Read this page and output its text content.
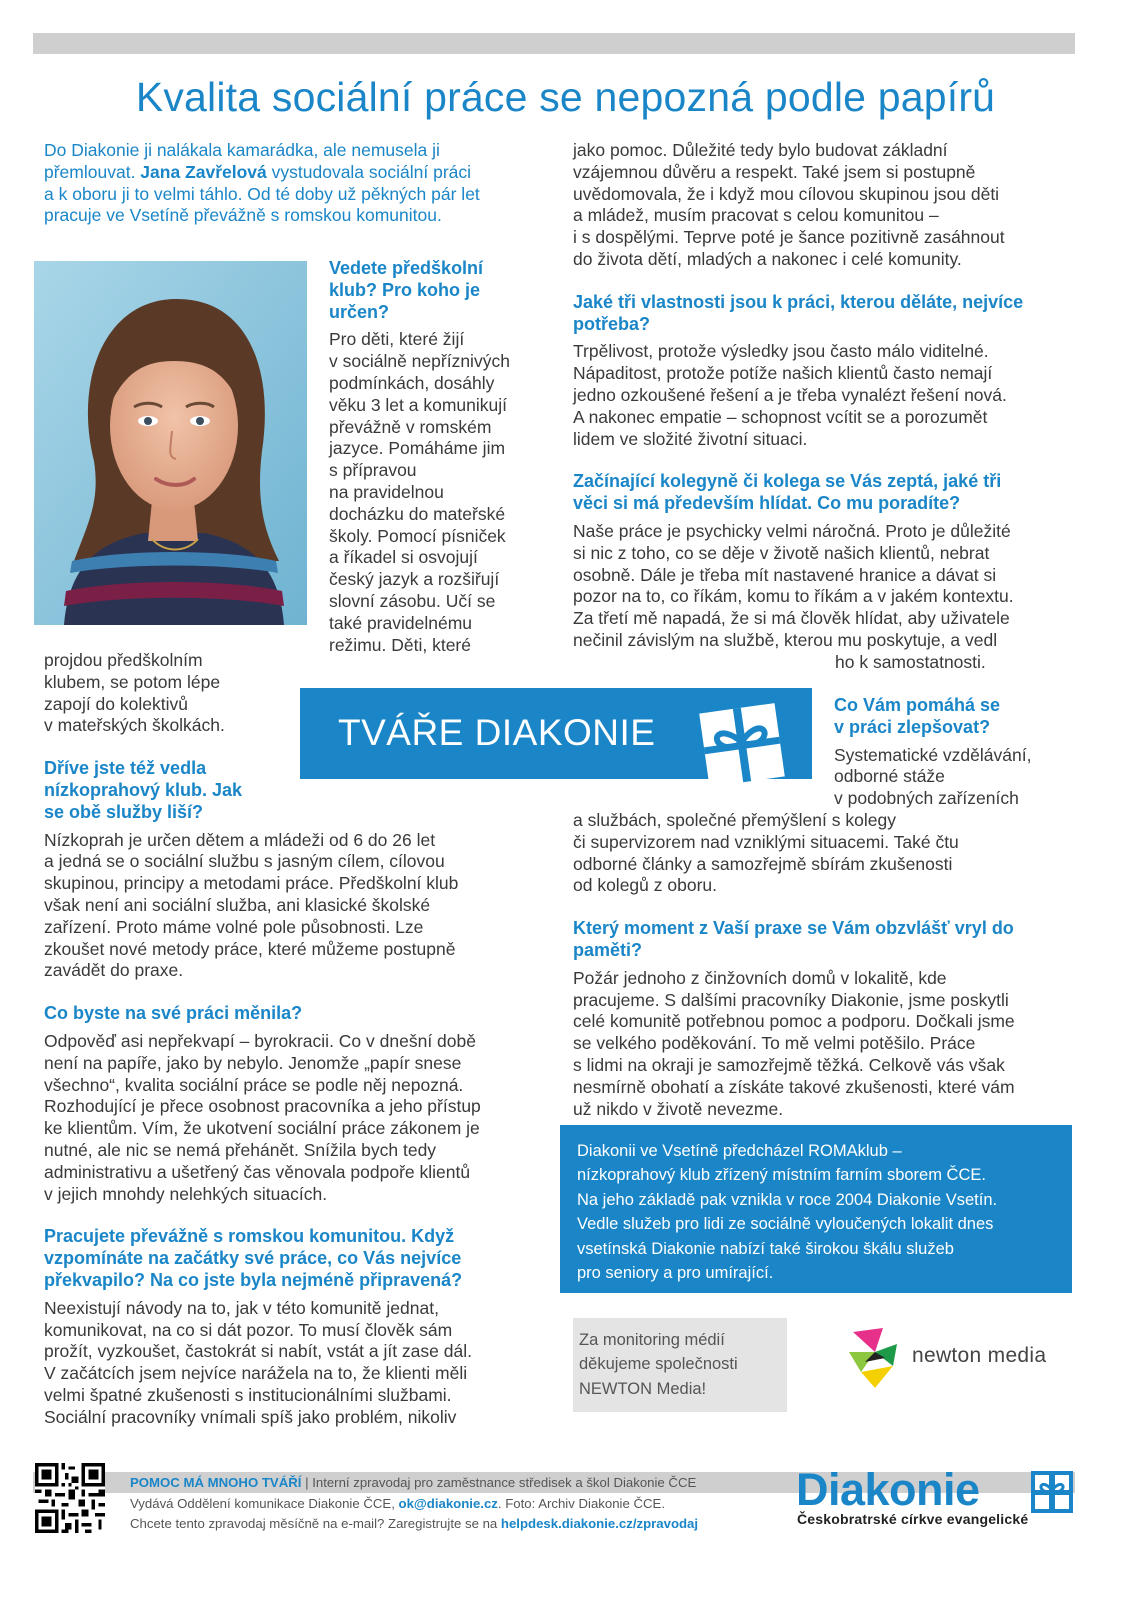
Kvalita sociální práce se nepozná podle papírů
Do Diakonie ji nalákala kamarádka, ale nemusela ji
přemlouvat. Jana Zavřelová vystudovala sociální práci
a k oboru ji to velmi táhlo. Od té doby už pěkných pár let
pracuje ve Vsetíně převážně s romskou komunitou.
Vedete předškolní
klub? Pro koho je
určen?
Pro děti, které žijí
v sociálně nepříznivých
podmínkách, dosáhly
věku 3 let a komunikují
převážně v romském
jazyce. Pomáháme jim
s přípravou
na pravidelnou
docházku do mateřské
školy. Pomocí písniček
a říkadel si osvojují
český jazyk a rozšiřují
slovní zásobu. Učí se
také pravidelnému
režimu. Děti, které
projdou předškolním
klubem, se potom lépe
zapojí do kolektivů
v mateřských školkách.
Dříve jste též vedla
nízkoprahový klub. Jak
se obě služby liší?
Nízkoprah je určen dětem a mládeži od 6 do 26 let
a jedná se o sociální službu s jasným cílem, cílovou
skupinou, principy a metodami práce. Předškolní klub
však není ani sociální služba, ani klasické školské
zařízení. Proto máme volné pole působnosti. Lze
zkoušet nové metody práce, které můžeme postupně
zavádět do praxe.
Co byste na své práci měnila?
Odpověď asi nepřekvapí – byrokracii. Co v dnešní době
není na papíře, jako by nebylo. Jenomže „papír snese
všechno“, kvalita sociální práce se podle něj nepozná.
Rozhodující je přece osobnost pracovníka a jeho přístup
ke klientům. Vím, že ukotvení sociální práce zákonem je
nutné, ale nic se nemá přehánět. Snížila bych tedy
administrativu a ušetřený čas věnovala podpoře klientů
v jejich mnohdy nelehkých situacích.
Pracujete převážně s romskou komunitou. Když
vzpomínáte na začátky své práce, co Vás nejvíce
překvapilo? Na co jste byla nejméně připravená?
Neexistují návody na to, jak v této komunitě jednat,
komunikovat, na co si dát pozor. To musí člověk sám
prožít, vyzkoušet, častokrát si nabít, vstát a jít zase dál.
V začátcích jsem nejvíce narážela na to, že klienti měli
velmi špatné zkušenosti s institucionálními službami.
Sociální pracovníky vnímali spíš jako problém, nikoliv
jako pomoc. Důležité tedy bylo budovat základní
vzájemnou důvěru a respekt. Také jsem si postupně
uvědomovala, že i když mou cílovou skupinou jsou děti
a mládež, musím pracovat s celou komunitou –
i s dospělými. Teprve poté je šance pozitivně zasáhnout
do života dětí, mladých a nakonec i celé komunity.
Jaké tři vlastnosti jsou k práci, kterou děláte, nejvíce
potřeba?
Trpělivost, protože výsledky jsou často málo viditelné.
Nápaditost, protože potíže našich klientů často nemají
jedno ozkoušené řešení a je třeba vynalézt řešení nová.
A nakonec empatie – schopnost vcítit se a porozumět
lidem ve složité životní situaci.
Začínající kolegyně či kolega se Vás zeptá, jaké tři
věci si má především hlídat. Co mu poradíte?
Naše práce je psychicky velmi náročná. Proto je důležité
si nic z toho, co se děje v životě našich klientů, nebrat
osobně. Dále je třeba mít nastavené hranice a dávat si
pozor na to, co říkám, komu to říkám a v jakém kontextu.
Za třetí mě napadá, že si má člověk hlídat, aby uživatele
nečinil závislým na službě, kterou mu poskytuje, a vedl
ho k samostatnosti.
TVÁŘE DIAKONIE
Co Vám pomáhá se
v práci zlepšovat?
Systematické vzdělávání,
odborné stáže
v podobných zařízeních
a službách, společné přemýšlení s kolegy
či supervizorem nad vzniklými situacemi. Také čtu
odborné články a samozřejmě sbírám zkušenosti
od kolegů z oboru.
Který moment z Vaší praxe se Vám obzvlášť vryl do
paměti?
Požár jednoho z činžovních domů v lokalitě, kde
pracujeme. S dalšími pracovníky Diakonie, jsme poskytli
celé komunitě potřebnou pomoc a podporu. Dočkali jsme
se velkého poděkování. To mě velmi potěšilo. Práce
s lidmi na okraji je samozřejmě těžká. Celkově vás však
nesmírně obohatí a získáte takové zkušenosti, které vám
už nikdo v životě nevezme.
Diakonii ve Vsetíně předcházel ROMAklub –
nízkoprahový klub zřízený místním farním sborem ČCE.
Na jeho základě pak vznikla v roce 2004 Diakonie Vsetín.
Vedle služeb pro lidi ze sociálně vyloučených lokalit dnes
vsetínská Diakonie nabízí také širokou škálu služeb
pro seniory a pro umírající.
Za monitoring médií
děkujeme společnosti
NEWTON Media!
newton media
POMOC MÁ MNOHO TVÁŘÍ | Interní zpravodaj pro zaměstnance středisek a škol Diakonie ČCE
Vydává Oddělení komunikace Diakonie ČCE, ok@diakonie.cz. Foto: Archiv Diakonie ČCE.
Chcete tento zpravodaj měsíčně na e-mail? Zaregistrujte se na helpdesk.diakonie.cz/zpravodaj
Diakonie
Českobratrské církve evangelické
